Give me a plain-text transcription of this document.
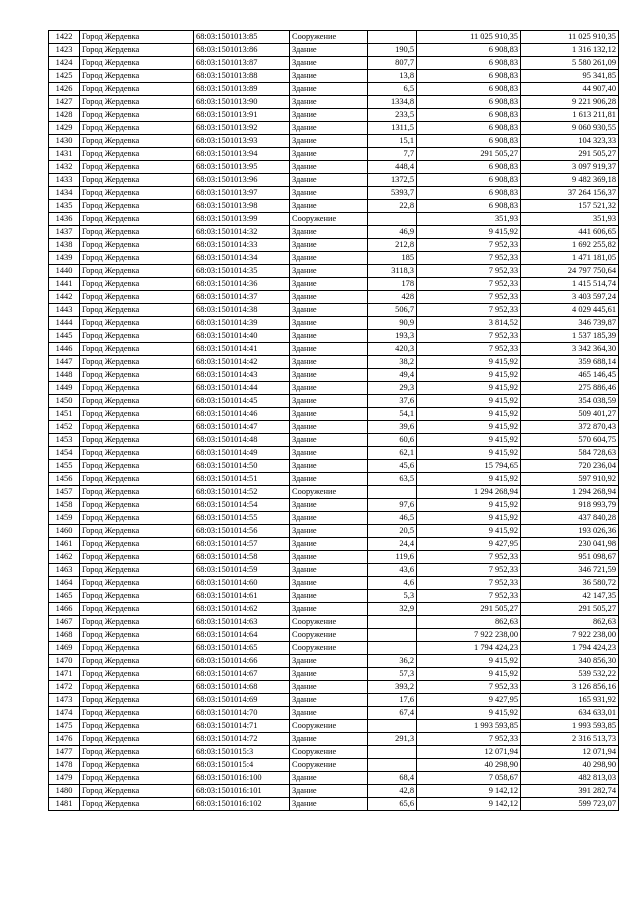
1422	Город Жердевка	68:03:1501013:85	Сооружение		11 025 910,35	11 025 910,35
1423	Город Жердевка	68:03:1501013:86	Здание	190,5	6 908,83	1 316 132,12
1424	Город Жердевка	68:03:1501013:87	Здание	807,7	6 908,83	5 580 261,09
1425	Город Жердевка	68:03:1501013:88	Здание	13,8	6 908,83	95 341,85
1426	Город Жердевка	68:03:1501013:89	Здание	6,5	6 908,83	44 907,40
1427	Город Жердевка	68:03:1501013:90	Здание	1334,8	6 908,83	9 221 906,28
1428	Город Жердевка	68:03:1501013:91	Здание	233,5	6 908,83	1 613 211,81
1429	Город Жердевка	68:03:1501013:92	Здание	1311,5	6 908,83	9 060 930,55
1430	Город Жердевка	68:03:1501013:93	Здание	15,1	6 908,83	104 323,33
1431	Город Жердевка	68:03:1501013:94	Здание	7,7	291 505,27	291 505,27
1432	Город Жердевка	68:03:1501013:95	Здание	448,4	6 908,83	3 097 919,37
1433	Город Жердевка	68:03:1501013:96	Здание	1372,5	6 908,83	9 482 369,18
1434	Город Жердевка	68:03:1501013:97	Здание	5393,7	6 908,83	37 264 156,37
1435	Город Жердевка	68:03:1501013:98	Здание	22,8	6 908,83	157 521,32
1436	Город Жердевка	68:03:1501013:99	Сооружение		351,93	351,93
1437	Город Жердевка	68:03:1501014:32	Здание	46,9	9 415,92	441 606,65
1438	Город Жердевка	68:03:1501014:33	Здание	212,8	7 952,33	1 692 255,82
1439	Город Жердевка	68:03:1501014:34	Здание	185	7 952,33	1 471 181,05
1440	Город Жердевка	68:03:1501014:35	Здание	3118,3	7 952,33	24 797 750,64
1441	Город Жердевка	68:03:1501014:36	Здание	178	7 952,33	1 415 514,74
1442	Город Жердевка	68:03:1501014:37	Здание	428	7 952,33	3 403 597,24
1443	Город Жердевка	68:03:1501014:38	Здание	506,7	7 952,33	4 029 445,61
1444	Город Жердевка	68:03:1501014:39	Здание	90,9	3 814,52	346 739,87
1445	Город Жердевка	68:03:1501014:40	Здание	193,3	7 952,33	1 537 185,39
1446	Город Жердевка	68:03:1501014:41	Здание	420,3	7 952,33	3 342 364,30
1447	Город Жердевка	68:03:1501014:42	Здание	38,2	9 415,92	359 688,14
1448	Город Жердевка	68:03:1501014:43	Здание	49,4	9 415,92	465 146,45
1449	Город Жердевка	68:03:1501014:44	Здание	29,3	9 415,92	275 886,46
1450	Город Жердевка	68:03:1501014:45	Здание	37,6	9 415,92	354 038,59
1451	Город Жердевка	68:03:1501014:46	Здание	54,1	9 415,92	509 401,27
1452	Город Жердевка	68:03:1501014:47	Здание	39,6	9 415,92	372 870,43
1453	Город Жердевка	68:03:1501014:48	Здание	60,6	9 415,92	570 604,75
1454	Город Жердевка	68:03:1501014:49	Здание	62,1	9 415,92	584 728,63
1455	Город Жердевка	68:03:1501014:50	Здание	45,6	15 794,65	720 236,04
1456	Город Жердевка	68:03:1501014:51	Здание	63,5	9 415,92	597 910,92
1457	Город Жердевка	68:03:1501014:52	Сооружение		1 294 268,94	1 294 268,94
1458	Город Жердевка	68:03:1501014:54	Здание	97,6	9 415,92	918 993,79
1459	Город Жердевка	68:03:1501014:55	Здание	46,5	9 415,92	437 840,28
1460	Город Жердевка	68:03:1501014:56	Здание	20,5	9 415,92	193 026,36
1461	Город Жердевка	68:03:1501014:57	Здание	24,4	9 427,95	230 041,98
1462	Город Жердевка	68:03:1501014:58	Здание	119,6	7 952,33	951 098,67
1463	Город Жердевка	68:03:1501014:59	Здание	43,6	7 952,33	346 721,59
1464	Город Жердевка	68:03:1501014:60	Здание	4,6	7 952,33	36 580,72
1465	Город Жердевка	68:03:1501014:61	Здание	5,3	7 952,33	42 147,35
1466	Город Жердевка	68:03:1501014:62	Здание	32,9	291 505,27	291 505,27
1467	Город Жердевка	68:03:1501014:63	Сооружение		862,63	862,63
1468	Город Жердевка	68:03:1501014:64	Сооружение		7 922 238,00	7 922 238,00
1469	Город Жердевка	68:03:1501014:65	Сооружение		1 794 424,23	1 794 424,23
1470	Город Жердевка	68:03:1501014:66	Здание	36,2	9 415,92	340 856,30
1471	Город Жердевка	68:03:1501014:67	Здание	57,3	9 415,92	539 532,22
1472	Город Жердевка	68:03:1501014:68	Здание	393,2	7 952,33	3 126 856,16
1473	Город Жердевка	68:03:1501014:69	Здание	17,6	9 427,95	165 931,92
1474	Город Жердевка	68:03:1501014:70	Здание	67,4	9 415,92	634 633,01
1475	Город Жердевка	68:03:1501014:71	Сооружение		1 993 593,85	1 993 593,85
1476	Город Жердевка	68:03:1501014:72	Здание	291,3	7 952,33	2 316 513,73
1477	Город Жердевка	68:03:1501015:3	Сооружение		12 071,94	12 071,94
1478	Город Жердевка	68:03:1501015:4	Сооружение		40 298,90	40 298,90
1479	Город Жердевка	68:03:1501016:100	Здание	68,4	7 058,67	482 813,03
1480	Город Жердевка	68:03:1501016:101	Здание	42,8	9 142,12	391 282,74
1481	Город Жердевка	68:03:1501016:102	Здание	65,6	9 142,12	599 723,07
